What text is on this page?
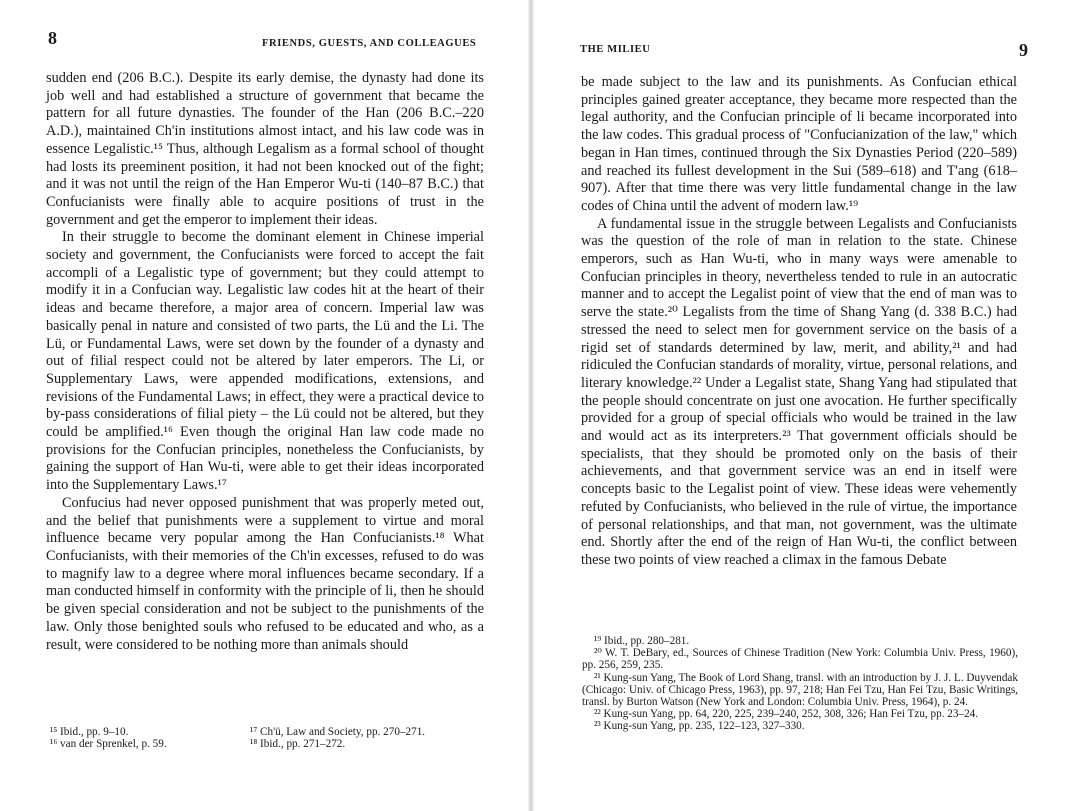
8	FRIENDS, GUESTS, AND COLLEAGUES

sudden end (206 B.C.). Despite its early demise, the dynasty had done its job well and had established a structure of government that became the pattern for all future dynasties. The founder of the Han (206 B.C.–220 A.D.), maintained Ch'in institutions almost intact, and his law code was in essence Legalistic.¹⁵ Thus, although Legalism as a formal school of thought had losts its preeminent position, it had not been knocked out of the fight; and it was not until the reign of the Han Emperor Wu-ti (140–87 B.C.) that Confucianists were finally able to acquire positions of trust in the government and get the emperor to implement their ideas.

In their struggle to become the dominant element in Chinese imperial society and government, the Confucianists were forced to accept the fait accompli of a Legalistic type of government; but they could attempt to modify it in a Confucian way. Legalistic law codes hit at the heart of their ideas and became therefore, a major area of concern. Imperial law was basically penal in nature and consisted of two parts, the Lü and the Li. The Lü, or Fundamental Laws, were set down by the founder of a dynasty and out of filial respect could not be altered by later emperors. The Li, or Supplementary Laws, were appended modifications, extensions, and revisions of the Fundamental Laws; in effect, they were a practical device to by-pass considerations of filial piety – the Lü could not be altered, but they could be amplified.¹⁶ Even though the original Han law code made no provisions for the Confucian principles, nonetheless the Confucianists, by gaining the support of Han Wu-ti, were able to get their ideas incorporated into the Supplementary Laws.¹⁷

Confucius had never opposed punishment that was properly meted out, and the belief that punishments were a supplement to virtue and moral influence became very popular among the Han Confucianists.¹⁸ What Confucianists, with their memories of the Ch'in excesses, refused to do was to magnify law to a degree where moral influences became secondary. If a man conducted himself in conformity with the principle of li, then he should be given special consideration and not be subject to the punishments of the law. Only those benighted souls who refused to be educated and who, as a result, were considered to be nothing more than animals should

¹⁵ Ibid., pp. 9–10.	¹⁷ Ch'ü, Law and Society, pp. 270–271.
¹⁶ van der Sprenkel, p. 59.	¹⁸ Ibid., pp. 271–272.
THE MILIEU	9

be made subject to the law and its punishments. As Confucian ethical principles gained greater acceptance, they became more respected than the legal authority, and the Confucian principle of li became incorporated into the law codes. This gradual process of "Confucianization of the law," which began in Han times, continued through the Six Dynasties Period (220–589) and reached its fullest development in the Sui (589–618) and T'ang (618–907). After that time there was very little fundamental change in the law codes of China until the advent of modern law.¹⁹

A fundamental issue in the struggle between Legalists and Confucianists was the question of the role of man in relation to the state. Chinese emperors, such as Han Wu-ti, who in many ways were amenable to Confucian principles in theory, nevertheless tended to rule in an autocratic manner and to accept the Legalist point of view that the end of man was to serve the state.²⁰ Legalists from the time of Shang Yang (d. 338 B.C.) had stressed the need to select men for government service on the basis of a rigid set of standards determined by law, merit, and ability,²¹ and had ridiculed the Confucian standards of morality, virtue, personal relations, and literary knowledge.²² Under a Legalist state, Shang Yang had stipulated that the people should concentrate on just one avocation. He further specifically provided for a group of special officials who would be trained in the law and would act as its interpreters.²³ That government officials should be specialists, that they should be promoted only on the basis of their achievements, and that government service was an end in itself were concepts basic to the Legalist point of view. These ideas were vehemently refuted by Confucianists, who believed in the rule of virtue, the importance of personal relationships, and that man, not government, was the ultimate end. Shortly after the end of the reign of Han Wu-ti, the conflict between these two points of view reached a climax in the famous Debate

¹⁹ Ibid., pp. 280–281.

²⁰ W. T. DeBary, ed., Sources of Chinese Tradition (New York: Columbia Univ. Press, 1960), pp. 256, 259, 235.

²¹ Kung-sun Yang, The Book of Lord Shang, transl. with an introduction by J. J. L. Duyvendak (Chicago: Univ. of Chicago Press, 1963), pp. 97, 218; Han Fei Tzu, Han Fei Tzu, Basic Writings, transl. by Burton Watson (New York and London: Columbia Univ. Press, 1964), p. 24.

²² Kung-sun Yang, pp. 64, 220, 225, 239–240, 252, 308, 326; Han Fei Tzu, pp. 23–24.

²³ Kung-sun Yang, pp. 235, 122–123, 327–330.
